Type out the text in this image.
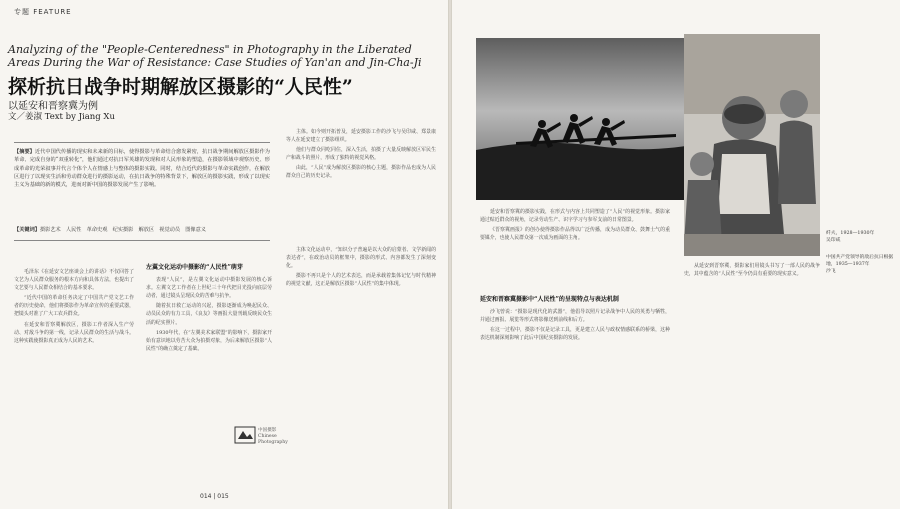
专题 FEATURE
Analyzing of the "People-Centeredness" in Photography in the Liberated Areas During the War of Resistance: Case Studies of Yan'an and Jin-Cha-Ji
探析抗日战争时期解放区摄影的“人民性”
以延安和晋察冀为例
文／姜淑 Text by Jiang Xu
【摘要】近代中国代传播的现实和未来新的目标，使得摄影与革命结合愈发紧密，抗日战争期间解放区摄影作为革命、完成自身的“双重转化”，他们通过对抗日军英雄的发现和对人民形象的塑造，在摄影领域中观察历史、形成革命的光荣叙事并代言个体个人在情感上与整体的摄影实践。同时，结合近代的摄影与革命实践创作，在解放区进行了以现实生活和劳动群众进行的摄影运动，在抗日战争的特殊背景下，解放区的摄影实践，形成了以现实主义为基础的新的模式，进而对新中国的摄影发展产生了影响。
【关键词】摄影艺术　人民性　革命史观　纪实摄影　解放区　视觉动员　图像意义

主体。如今则开拓普及，延安摄影工作的沙飞与吴印咸、郑景康等人在延安建立了摄影组织。

他们与群众同吃同住，深入生活，拍摄了大量反映解放区军民生产和战斗的照片，形成了独特的视觉风格。

由此，“人民”成为解放区摄影的核心主题，摄影作品也成为人民群众自己的历史记录。

毛泽东《在延安文艺座谈会上的讲话》不仅回答了文艺为人民群众服务的根本方向和具体方法，也提出了文艺要与人民群众相结合的基本要求。

“近代中国的革命任务决定了中国共产党文艺工作者的历史使命，他们将摄影作为革命宣传的重要武器，把镜头对准了广大工农兵群众。

在延安和晋察冀解放区，摄影工作者深入生产劳动、对敌斗争的第一线，记录人民群众的生活与战斗。这种实践使摄影真正成为人民的艺术。

左翼文化运动中摄影的“人民性”萌芽

表现“人民”，是左翼文化运动中摄影发展的核心诉求。左翼文艺工作者在上世纪三十年代把目光投向底层劳动者，通过镜头呈现民众的苦难与抗争。

随着抗日救亡运动的兴起，摄影逐渐成为唤起民众、动员民众的有力工具，《良友》等画报大量刊载反映民众生活的纪实照片。

1930年代，在“左翼美术家联盟”的影响下，摄影家开始有意识地以劳苦大众为拍摄对象，为后来解放区摄影“人民性”的确立奠定了基础。

主体文化运动中，“知识分子普遍是以大众的启蒙者、文学新闻的表达者”，在政治动员的框架中，摄影的形式、内容都发生了深刻变化。

摄影不再只是个人的艺术表达，而是承载着集体记忆与时代精神的视觉文献，这正是解放区摄影“人民性”的集中体现。

中国摄影 Chinese Photography
014 | 015
纤夫，1928—1930年
吴印咸
中国共产党领导的敌后抗日根据地，1935—1937年
沙飞

延安和晋察冀的摄影实践，在形式与内容上共同塑造了“人民”的视觉形象。摄影家通过贴近群众的视角，记录劳动生产、识字学习与参军支前的日常图景。

《晋察冀画报》的创办使得摄影作品得以广泛传播，成为动员群众、鼓舞士气的重要媒介，也使人民群众第一次成为画面的主角。

延安和晋察冀摄影中“人民性”的呈现特点与表达机制

沙飞曾说：“摄影是现代化的武器”，他倡导以照片记录战争中人民的英勇与牺牲，并通过画报、展览等形式将影像送到前线和后方。

在这一过程中，摄影不仅是记录工具，更是建立人民与政权情感联系的桥梁，这种表达机制深刻影响了此后中国纪实摄影的发展。

从延安到晋察冀，摄影家们用镜头书写了一部人民的战争史，其中蕴含的“人民性”至今仍具有重要的现实意义。
